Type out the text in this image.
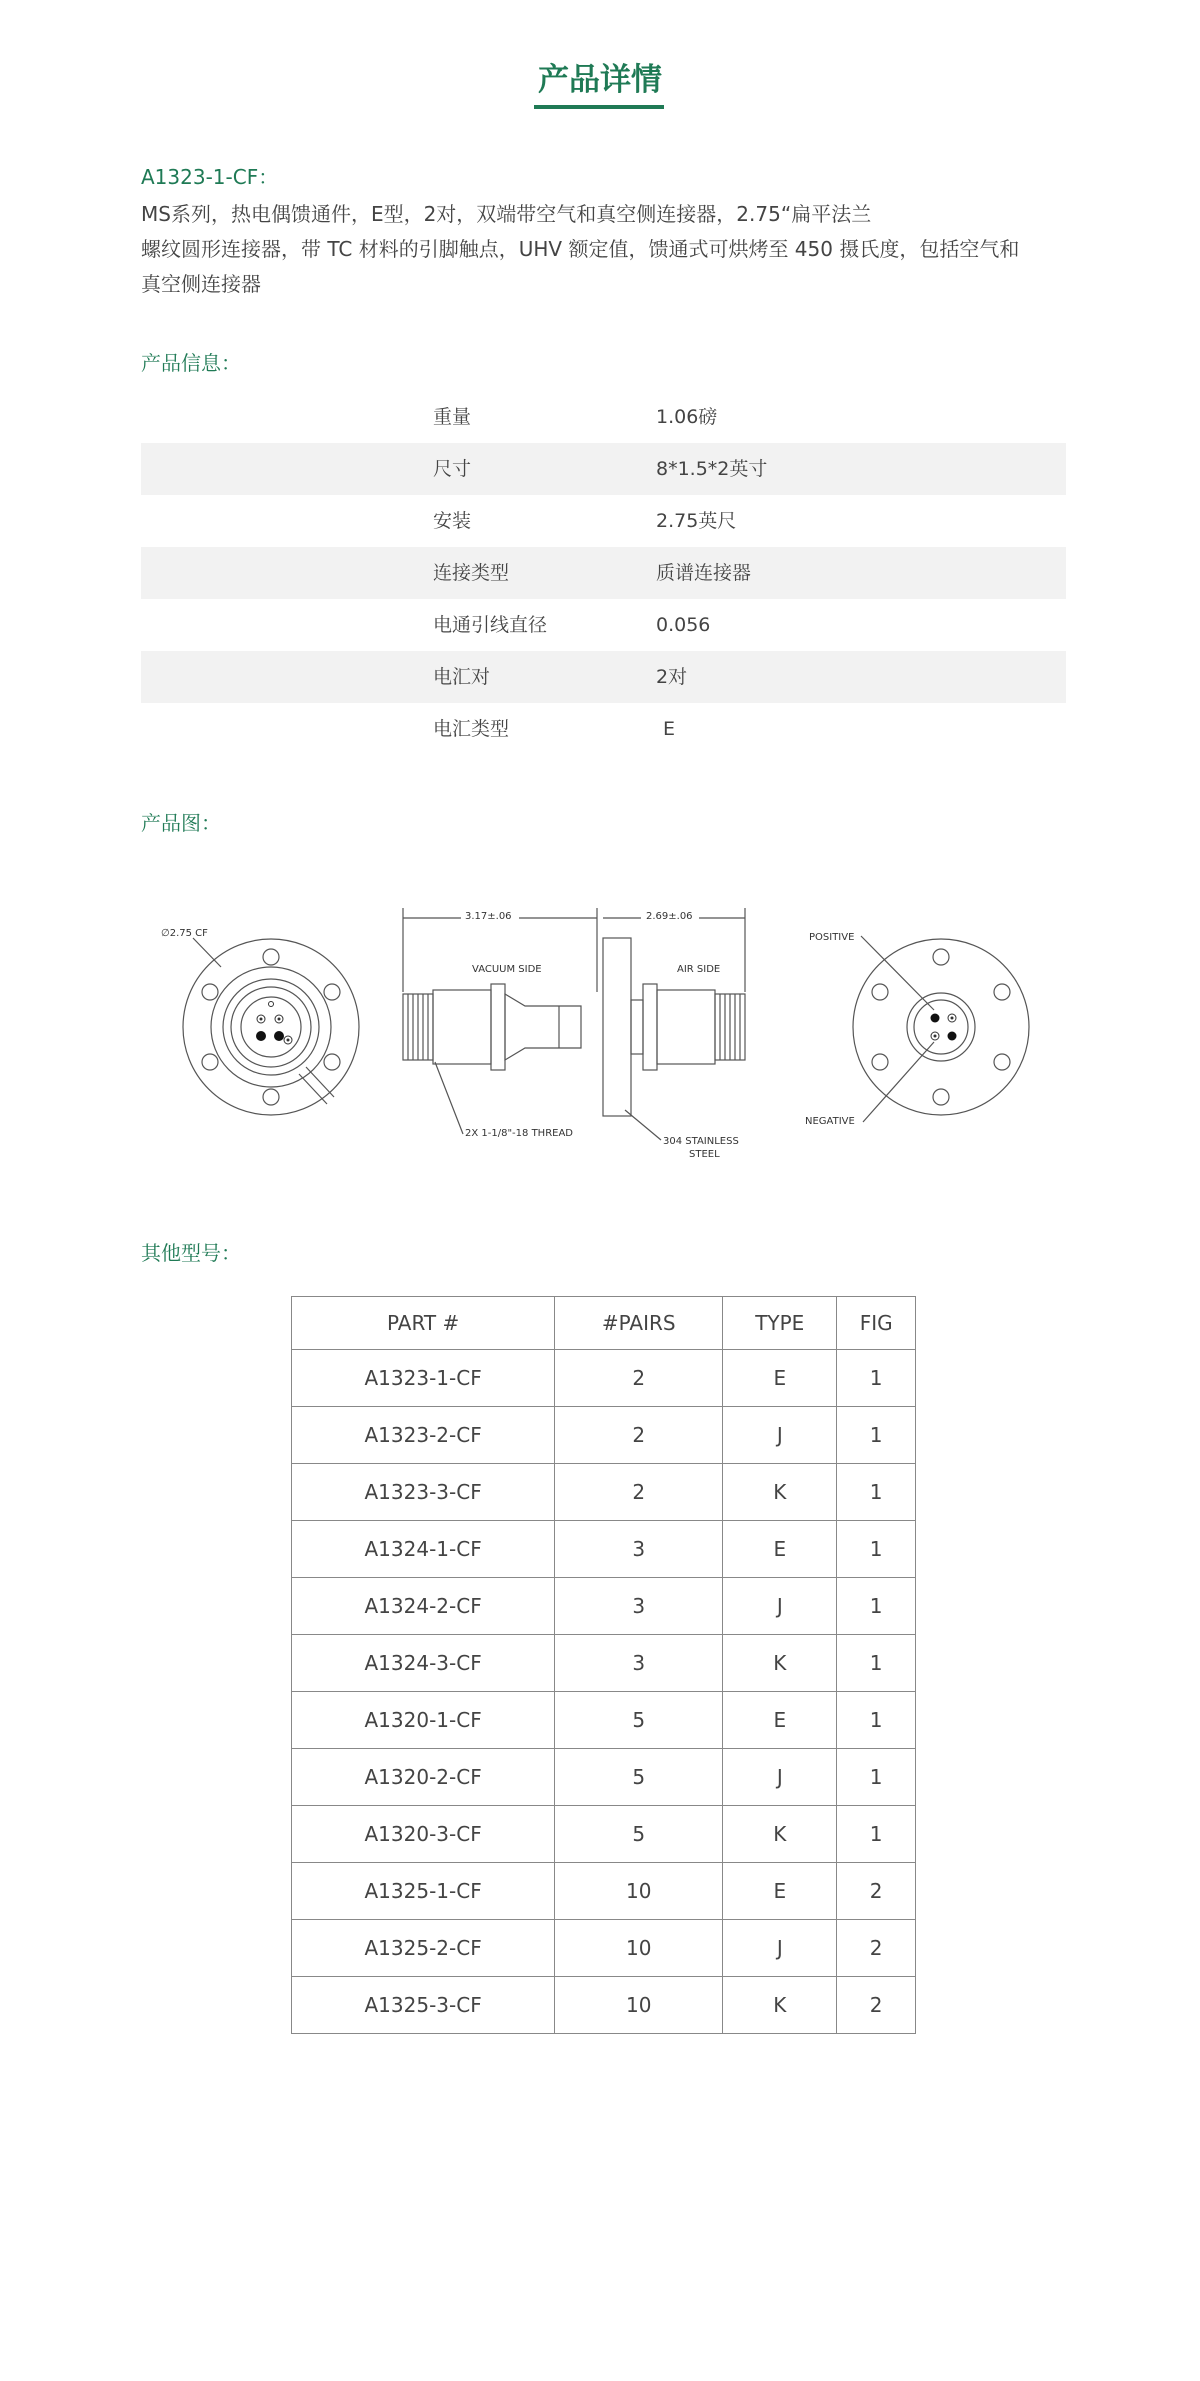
产品详情
A1323-1-CF：

MS系列，热电偶馈通件，E型，2对，双端带空气和真空侧连接器，2.75“扁平法兰
螺纹圆形连接器，带 TC 材料的引脚触点，UHV 额定值，馈通式可烘烤至 450 摄氏度，包括空气和
真空侧连接器

产品信息：
重量	1.06磅
尺寸	8*1.5*2英寸
安装	2.75英尺
连接类型	质谱连接器
电通引线直径	0.056
电汇对	2对
电汇类型	E
产品图：
∅2.75 CF
3.17±.06	2.69±.06
VACUUM SIDE	AIR SIDE
2X 1-1/8"-18 THREAD
304 STAINLESS
STEEL
POSITIVE
NEGATIVE
其他型号：
PART #	#PAIRS	TYPE	FIG
A1323-1-CF	2	E	1
A1323-2-CF	2	J	1
A1323-3-CF	2	K	1
A1324-1-CF	3	E	1
A1324-2-CF	3	J	1
A1324-3-CF	3	K	1
A1320-1-CF	5	E	1
A1320-2-CF	5	J	1
A1320-3-CF	5	K	1
A1325-1-CF	10	E	2
A1325-2-CF	10	J	2
A1325-3-CF	10	K	2
